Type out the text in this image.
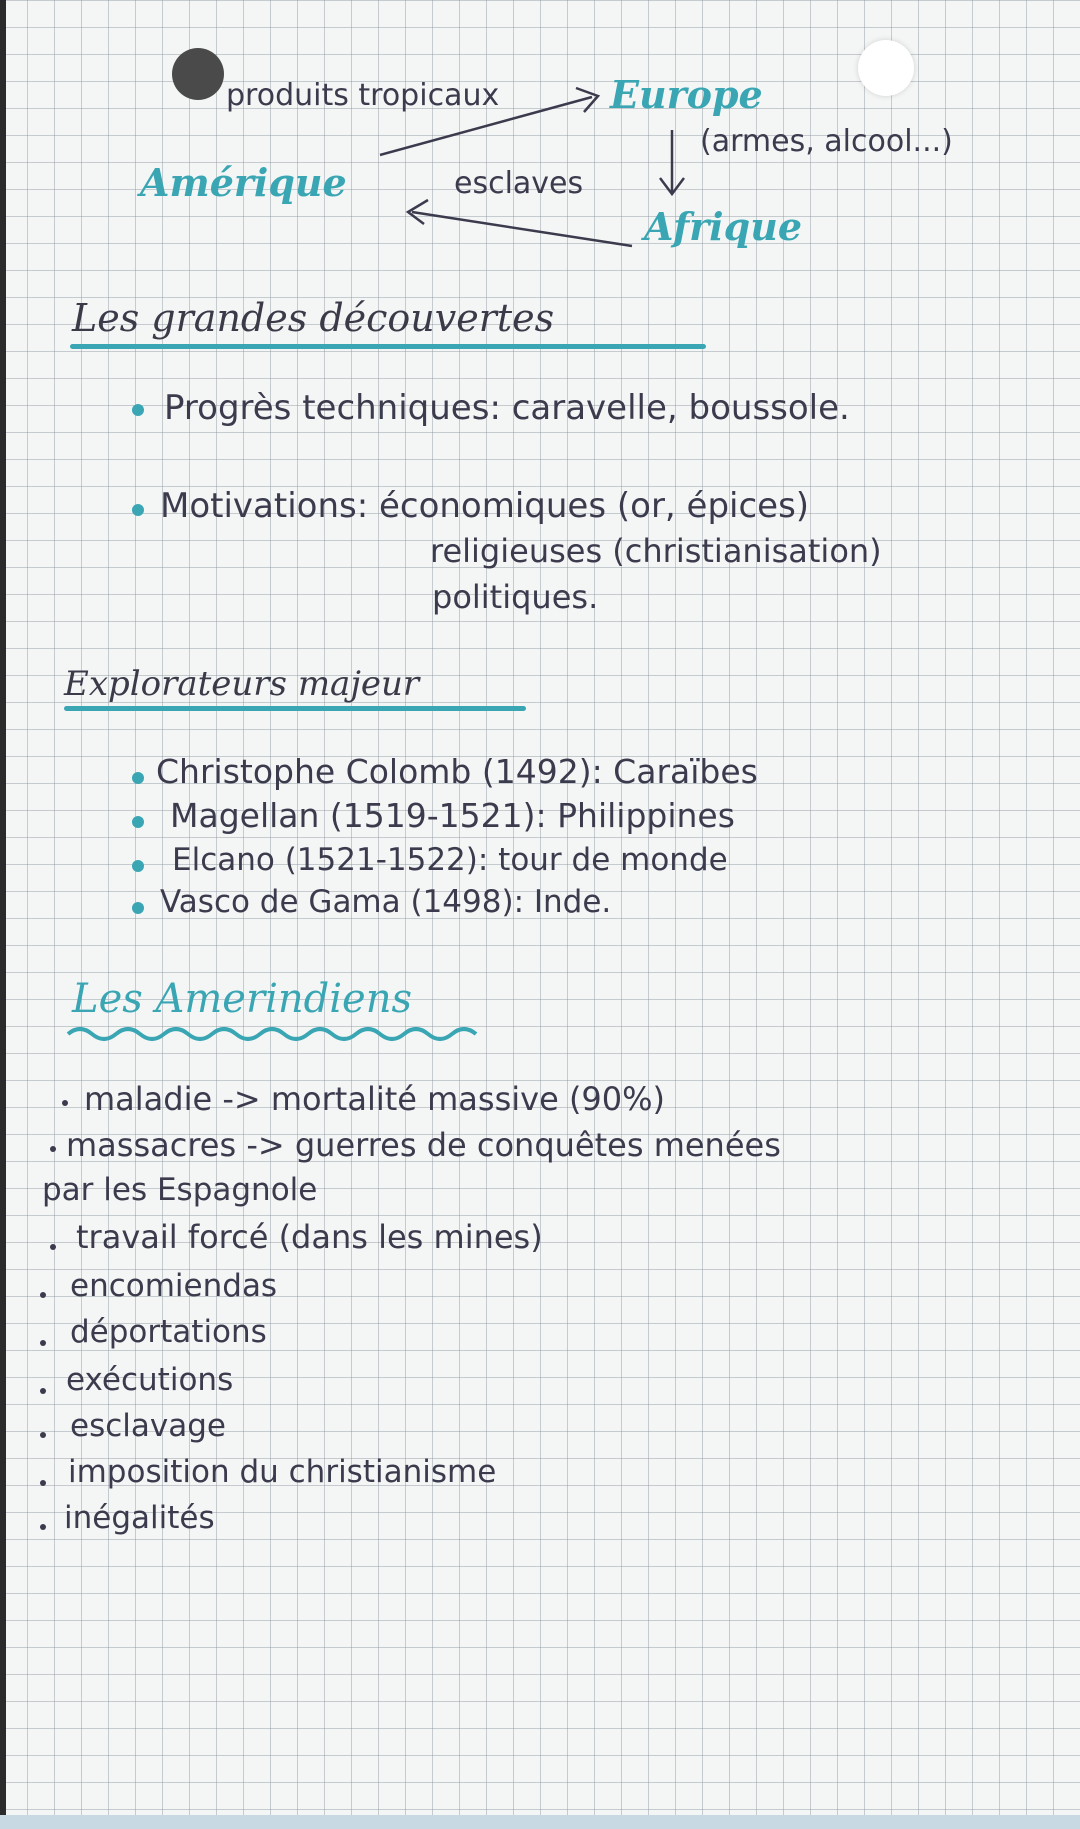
produits tropicaux	Europe
(armes, alcool...)
Amérique	esclaves
Afrique
Les grandes découvertes
Progrès techniques: caravelle, boussole.
Motivations: économiques (or, épices)
religieuses (christianisation)
politiques.
Explorateurs majeur
Christophe Colomb (1492): Caraïbes
Magellan (1519-1521): Philippines
Elcano (1521-1522): tour de monde
Vasco de Gama (1498): Inde.
Les Amerindiens
maladie -> mortalité massive (90%)
massacres -> guerres de conquêtes menées
par les Espagnole
travail forcé (dans les mines)
encomiendas
déportations
exécutions
esclavage
imposition du christianisme
inégalités
